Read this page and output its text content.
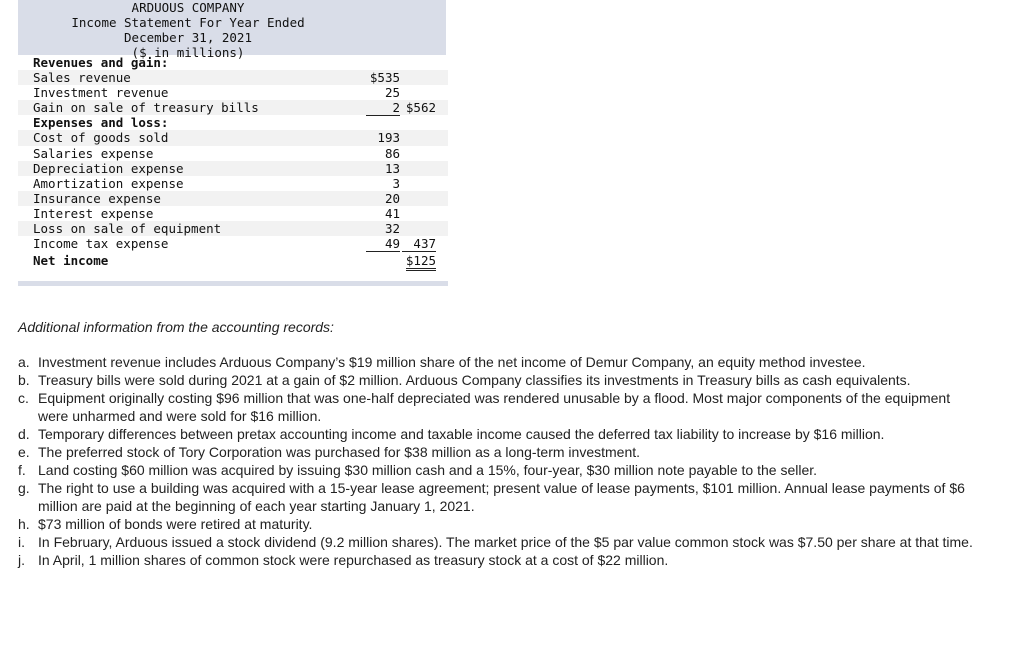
ARDUOUS COMPANY
Income Statement For Year Ended
December 31, 2021
($ in millions)
Revenues and gain:
Sales revenue	$535
Investment revenue	25
Gain on sale of treasury bills	2 $562
Expenses and loss:
Cost of goods sold	193
Salaries expense	86
Depreciation expense	13
Amortization expense	3
Insurance expense	20
Interest expense	41
Loss on sale of equipment	32
Income tax expense	49	437
Net income	$125
Additional information from the accounting records:
a. Investment revenue includes Arduous Company’s $19 million share of the net income of Demur Company, an equity method investee.
b. Treasury bills were sold during 2021 at a gain of $2 million. Arduous Company classifies its investments in Treasury bills as cash equivalents.
c. Equipment originally costing $96 million that was one-half depreciated was rendered unusable by a flood. Most major components of the equipment were unharmed and were sold for $16 million.
d. Temporary differences between pretax accounting income and taxable income caused the deferred tax liability to increase by $16 million.
e. The preferred stock of Tory Corporation was purchased for $38 million as a long-term investment.
f. Land costing $60 million was acquired by issuing $30 million cash and a 15%, four-year, $30 million note payable to the seller.
g. The right to use a building was acquired with a 15-year lease agreement; present value of lease payments, $101 million. Annual lease payments of $6 million are paid at the beginning of each year starting January 1, 2021.
h. $73 million of bonds were retired at maturity.
i. In February, Arduous issued a stock dividend (9.2 million shares). The market price of the $5 par value common stock was $7.50 per share at that time.
j. In April, 1 million shares of common stock were repurchased as treasury stock at a cost of $22 million.
